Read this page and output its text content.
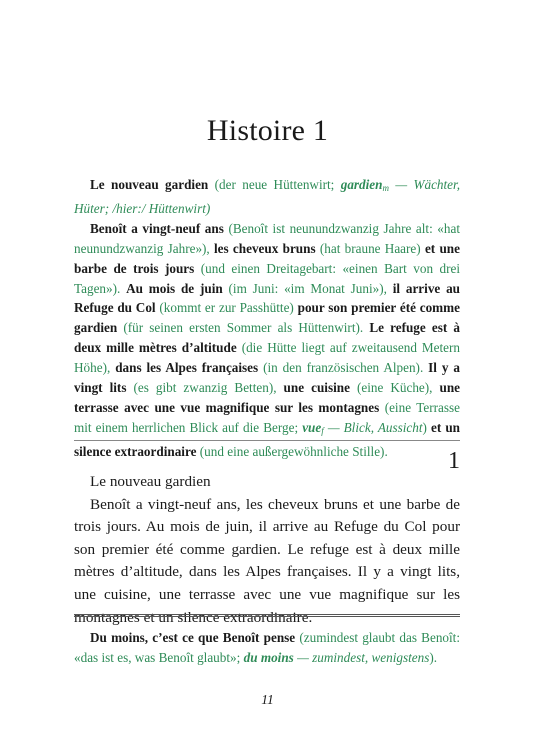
Histoire 1

Le nouveau gardien (der neue Hüttenwirt; gardien$_m$ — Wächter, Hüter; /hier:/ Hüttenwirt)

Benoît a vingt-neuf ans (Benoît ist neunundzwanzig Jahre alt: «hat neunundzwanzig Jahre»), les cheveux bruns (hat braune Haare) et une barbe de trois jours (und einen Dreitagebart: «einen Bart von drei Tagen»). Au mois de juin (im Juni: «im Monat Juni»), il arrive au Refuge du Col (kommt er zur Passhütte) pour son premier été comme gardien (für seinen ersten Sommer als Hüttenwirt). Le refuge est à deux mille mètres d’altitude (die Hütte liegt auf zweitausend Metern Höhe), dans les Alpes françaises (in den französischen Alpen). Il y a vingt lits (es gibt zwanzig Betten), une cuisine (eine Küche), une terrasse avec une vue magnifique sur les montagnes (eine Terrasse mit einem herrlichen Blick auf die Berge; vue$_f$ — Blick, Aussicht) et un silence extraordinaire (und eine außergewöhnliche Stille).	1

Le nouveau gardien

Benoît a vingt-neuf ans, les cheveux bruns et une barbe de trois jours. Au mois de juin, il arrive au Refuge du Col pour son premier été comme gardien. Le refuge est à deux mille mètres d’altitude, dans les Alpes françaises. Il y a vingt lits, une cuisine, une terrasse avec une vue magnifique sur les montagnes et un silence extraordinaire.

Du moins, c’est ce que Benoît pense (zumindest glaubt das Benoît: «das ist es, was Benoît glaubt»; du moins — zumindest, wenigstens).

11
